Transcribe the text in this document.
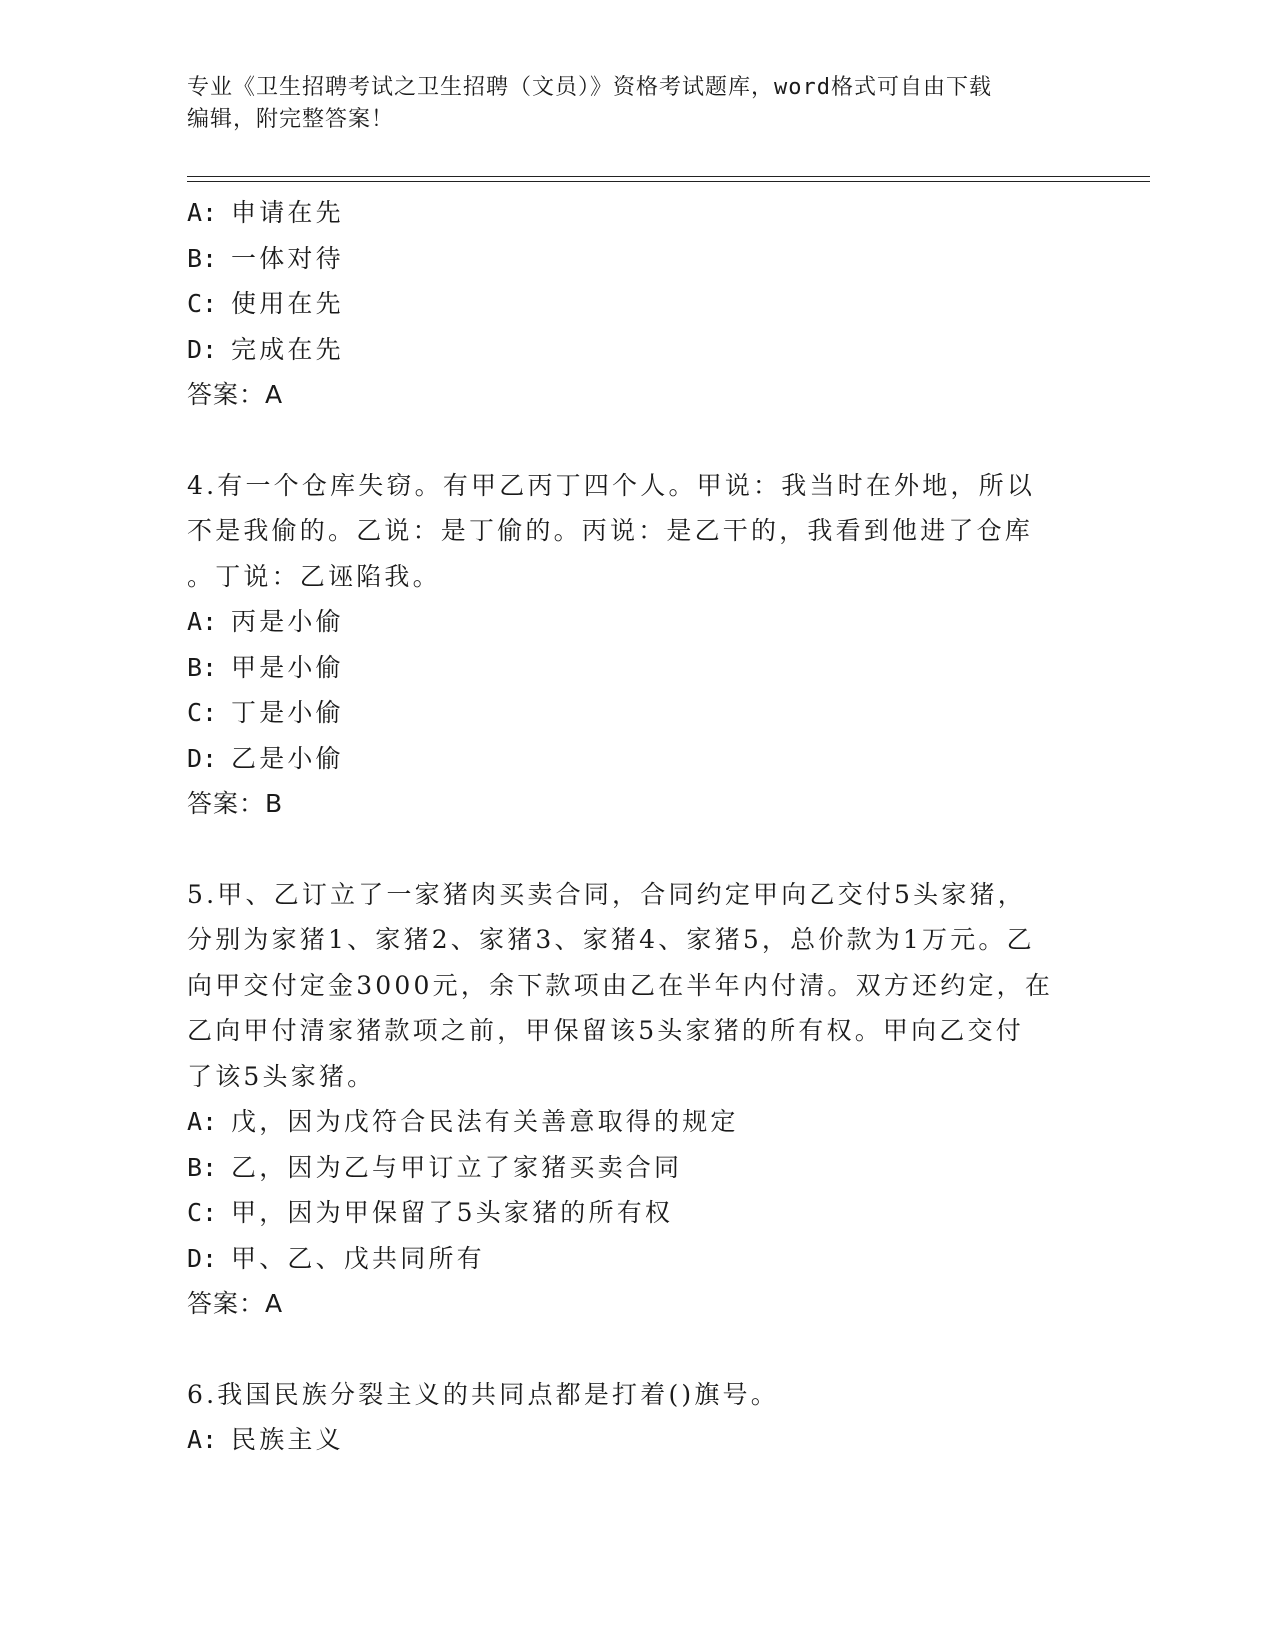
专业《卫生招聘考试之卫生招聘（文员）》资格考试题库，word格式可自由下载
编辑，附完整答案！
A: 申请在先
B: 一体对待
C: 使用在先
D: 完成在先
答案：A
4.有一个仓库失窃。有甲乙丙丁四个人。甲说：我当时在外地，所以
不是我偷的。乙说：是丁偷的。丙说：是乙干的，我看到他进了仓库
。丁说：乙诬陷我。
A: 丙是小偷
B: 甲是小偷
C: 丁是小偷
D: 乙是小偷
答案：B
5.甲、乙订立了一家猪肉买卖合同，合同约定甲向乙交付5头家猪，
分别为家猪1、家猪2、家猪3、家猪4、家猪5，总价款为1万元。乙
向甲交付定金3000元，余下款项由乙在半年内付清。双方还约定，在
乙向甲付清家猪款项之前，甲保留该5头家猪的所有权。甲向乙交付
了该5头家猪。
A: 戊，因为戊符合民法有关善意取得的规定
B: 乙，因为乙与甲订立了家猪买卖合同
C: 甲，因为甲保留了5头家猪的所有权
D: 甲、乙、戊共同所有
答案：A
6.我国民族分裂主义的共同点都是打着()旗号。
A: 民族主义
